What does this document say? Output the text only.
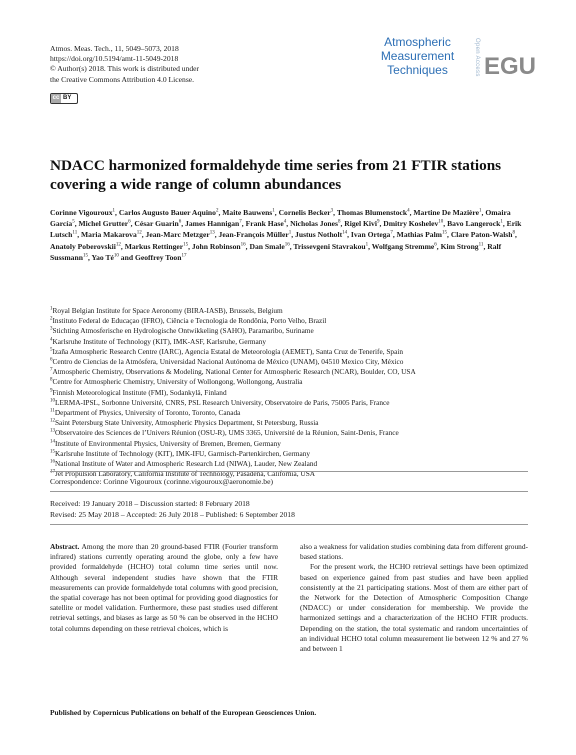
Atmos. Meas. Tech., 11, 5049–5073, 2018
https://doi.org/10.5194/amt-11-5049-2018
© Author(s) 2018. This work is distributed under
the Creative Commons Attribution 4.0 License.
cc BY
Atmospheric
Measurement
Techniques	Open Access EGU
NDACC harmonized formaldehyde time series from 21 FTIR stations covering a wide range of column abundances
Corinne Vigouroux$^1$, Carlos Augusto Bauer Aquino$^2$, Maite Bauwens$^1$, Cornelis Becker$^3$, Thomas Blumenstock$^4$, Martine De Mazière$^1$, Omaira García$^5$, Michel Grutter$^6$, César Guarin$^6$, James Hannigan$^7$, Frank Hase$^4$, Nicholas Jones$^8$, Rigel Kivi$^9$, Dmitry Koshelev$^{10}$, Bavo Langerock$^1$, Erik Lutsch$^{11}$, Maria Makarova$^{12}$, Jean-Marc Metzger$^{13}$, Jean-François Müller$^1$, Justus Notholt$^{14}$, Ivan Ortega$^7$, Mathias Palm$^{15}$, Clare Paton-Walsh$^8$, Anatoly Poberovskii$^{12}$, Markus Rettinger$^{15}$, John Robinson$^{16}$, Dan Smale$^{16}$, Trissevgeni Stavrakou$^1$, Wolfgang Stremme$^6$, Kim Strong$^{11}$, Ralf Sussmann$^{15}$, Yao $Té^{10}$ and Geoffrey Toon$^{17}$
$^1$Royal Belgian Institute for Space Aeronomy (BIRA-IASB), Brussels, Belgium
$^2$Instituto Federal de Educaçao (IFRO), Ciência e Tecnologia de Rondônia, Porto Velho, Brazil
$^3$Stichting Atmosferische en Hydrologische Ontwikkeling (SAHO), Paramaribo, Suriname
$^4$Karlsruhe Institute of Technology (KIT), IMK-ASF, Karlsruhe, Germany
$^5$Izaña Atmospheric Research Centre (IARC), Agencia Estatal de Meteorología (AEMET), Santa Cruz de Tenerife, Spain
$^6$Centro de Ciencias de la Atmósfera, Universidad Nacional Autónoma de México (UNAM), 04510 Mexico City, México
$^7$Atmospheric Chemistry, Observations & Modeling, National Center for Atmospheric Research (NCAR), Boulder, CO, USA
$^8$Centre for Atmospheric Chemistry, University of Wollongong, Wollongong, Australia
$^9$Finnish Meteorological Institute (FMI), Sodankylä, Finland
$^{10}$LERMA-IPSL, Sorbonne Université, CNRS, PSL Research University, Observatoire de Paris, 75005 Paris, France
$^{11}$Department of Physics, University of Toronto, Toronto, Canada
$^{12}$Saint Petersburg State University, Atmospheric Physics Department, St Petersburg, Russia
$^{13}$Observatoire des Sciences de l’Univers Réunion (OSU-R), UMS 3365, Université de la Réunion, Saint-Denis, France
$^{14}$Institute of Environmental Physics, University of Bremen, Bremen, Germany
$^{15}$Karlsruhe Institute of Technology (KIT), IMK-IFU, Garmisch-Partenkirchen, Germany
$^{16}$National Institute of Water and Atmospheric Research Ltd (NIWA), Lauder, New Zealand
$^{17}$Jet Propulsion Laboratory, California Institute of Technology, Pasadena, California, USA
Correspondence: Corinne Vigouroux (corinne.vigouroux@aeronomie.be)
Received: 19 January 2018 – Discussion started: 8 February 2018
Revised: 25 May 2018 – Accepted: 26 July 2018 – Published: 6 September 2018

Abstract. Among the more than 20 ground-based FTIR (Fourier transform infrared) stations currently operating around the globe, only a few have provided formaldehyde (HCHO) total column time series until now. Although several independent studies have shown that the FTIR measurements can provide formaldehyde total columns with good precision, the spatial coverage has not been optimal for providing good diagnostics for satellite or model validation. Furthermore, these past studies used different retrieval settings, and biases as large as 50 % can be observed in the HCHO total columns depending on these retrieval choices, which is

also a weakness for validation studies combining data from different ground-based stations.

For the present work, the HCHO retrieval settings have been optimized based on experience gained from past studies and have been applied consistently at the 21 participating stations. Most of them are either part of the Network for the Detection of Atmospheric Composition Change (NDACC) or under consideration for membership. We provide the harmonized settings and a characterization of the HCHO FTIR products. Depending on the station, the total systematic and random uncertainties of an individual HCHO total column measurement lie between 12 % and 27 % and between 1

Published by Copernicus Publications on behalf of the European Geosciences Union.
